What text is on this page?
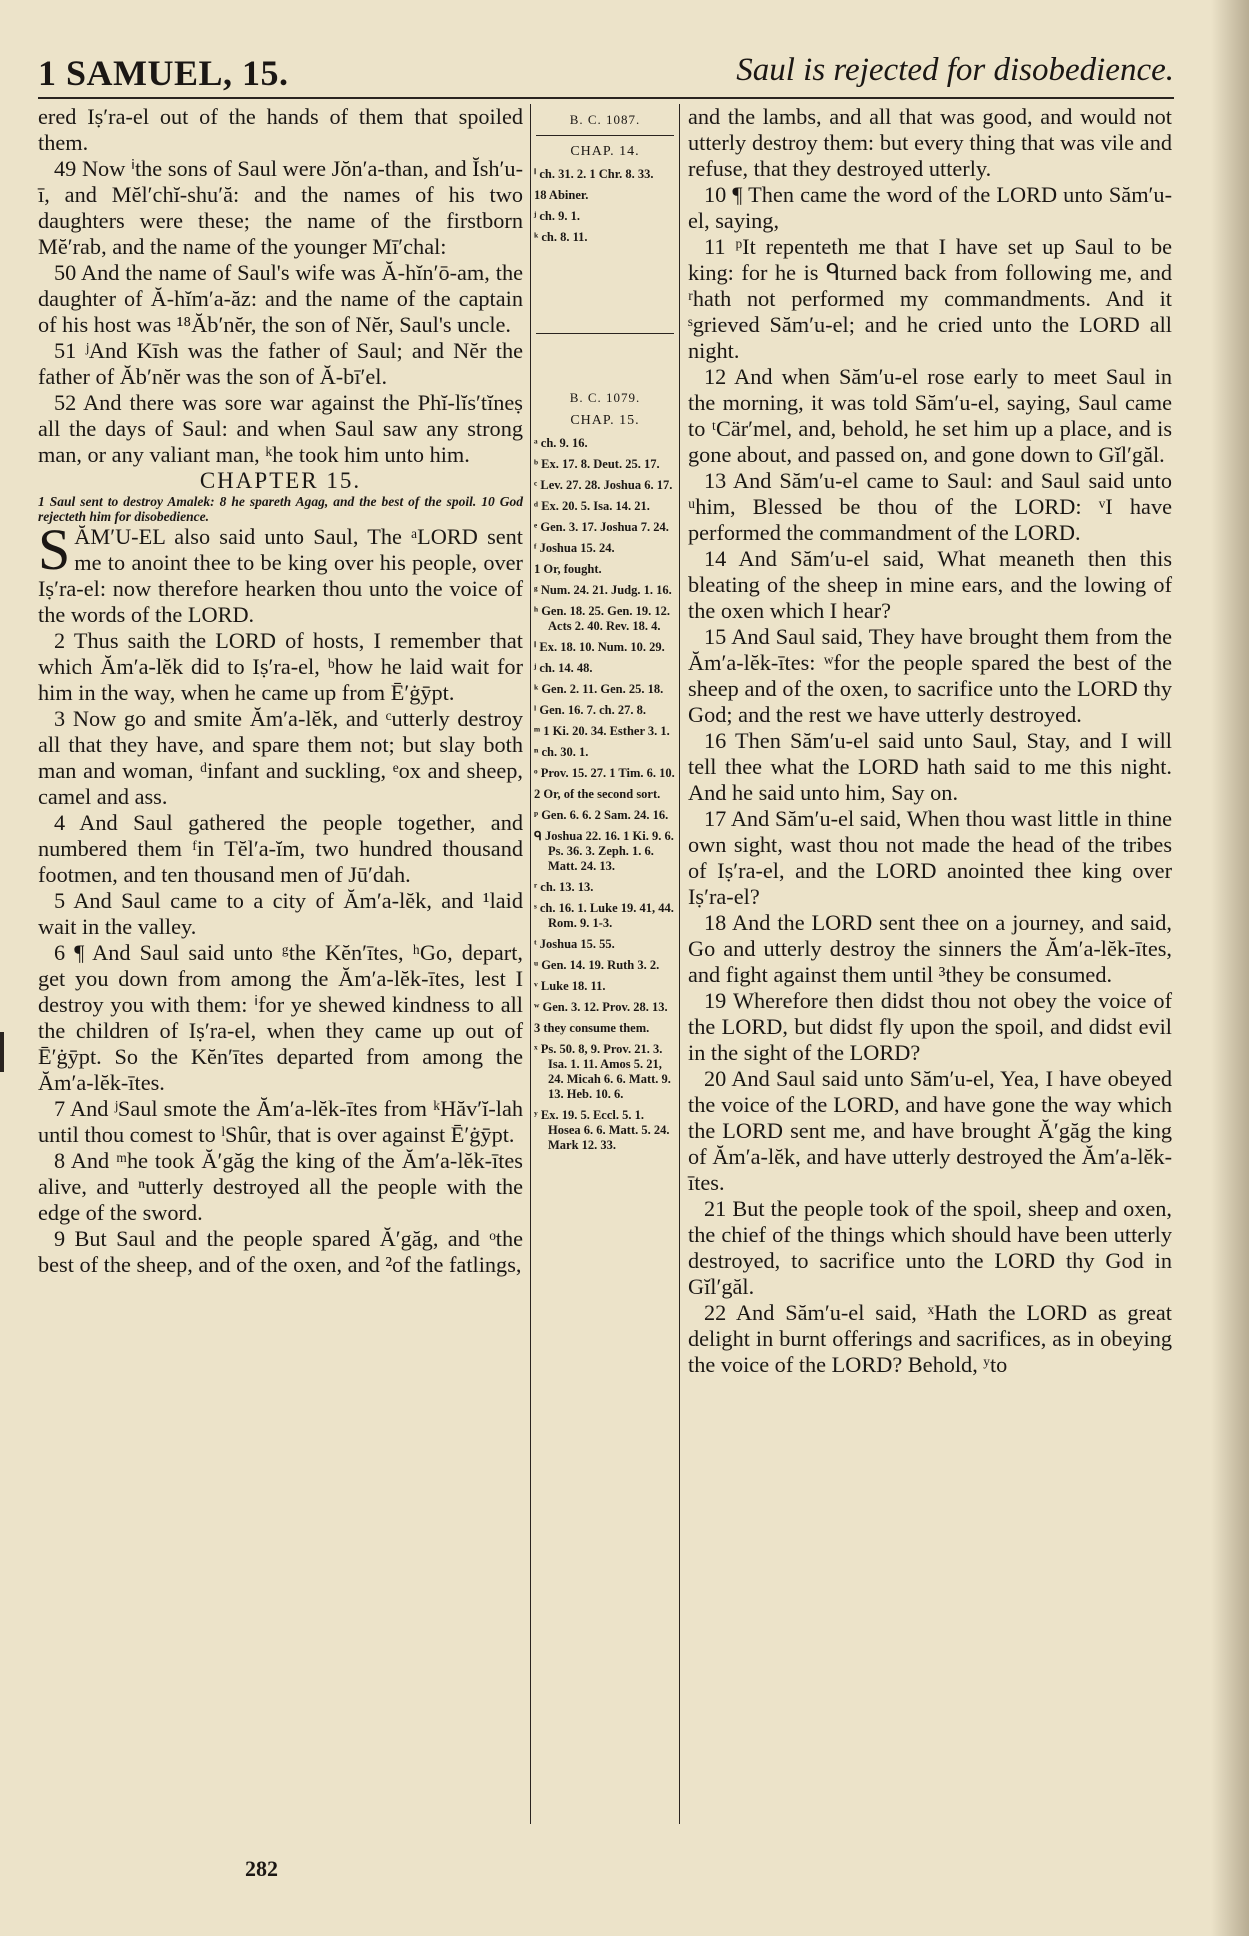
1 SAMUEL, 15.	Saul is rejected for disobedience.

ered Iṣ′ra-el out of the hands of them that spoiled them.

49 Now ⁱthe sons of Saul were Jŏn′a-than, and Ĭsh′u-ī, and Mĕl′chĭ-shu′ă: and the names of his two daughters were these; the name of the firstborn Mĕ′rab, and the name of the younger Mī′chal:

50 And the name of Saul's wife was Ă-hĭn′ō-am, the daughter of Ă-hĭm′a-ăz: and the name of the captain of his host was ¹⁸Ăb′nĕr, the son of Nĕr, Saul's uncle.

51 ʲAnd Kīsh was the father of Saul; and Nĕr the father of Ăb′nĕr was the son of Ă-bī′el.

52 And there was sore war against the Phĭ-lĭs′tĭneṣ all the days of Saul: and when Saul saw any strong man, or any valiant man, ᵏhe took him unto him.

CHAPTER 15.

1 Saul sent to destroy Amalek: 8 he spareth Agag, and the best of the spoil. 10 God rejecteth him for disobedience.

SĂM′U-EL also said unto Saul, The ᵃLORD sent me to anoint thee to be king over his people, over Iṣ′ra-el: now therefore hearken thou unto the voice of the words of the LORD.

2 Thus saith the LORD of hosts, I remember that which Ăm′a-lĕk did to Iṣ′ra-el, ᵇhow he laid wait for him in the way, when he came up from Ē′ġȳpt.

3 Now go and smite Ăm′a-lĕk, and ᶜutterly destroy all that they have, and spare them not; but slay both man and woman, ᵈinfant and suckling, ᵉox and sheep, camel and ass.

4 And Saul gathered the people together, and numbered them ᶠin Tĕl′a-ĭm, two hundred thousand footmen, and ten thousand men of Jū′dah.

5 And Saul came to a city of Ăm′a-lĕk, and ¹laid wait in the valley.

6 ¶ And Saul said unto ᵍthe Kĕn′ītes, ʰGo, depart, get you down from among the Ăm′a-lĕk-ītes, lest I destroy you with them: ⁱfor ye shewed kindness to all the children of Iṣ′ra-el, when they came up out of Ē′ġȳpt. So the Kĕn′ītes departed from among the Ăm′a-lĕk-ītes.

7 And ʲSaul smote the Ăm′a-lĕk-ītes from ᵏHăv′ĭ-lah until thou comest to ˡShûr, that is over against Ē′ġȳpt.

8 And ᵐhe took Ă′găg the king of the Ăm′a-lĕk-ītes alive, and ⁿutterly destroyed all the people with the edge of the sword.

9 But Saul and the people spared Ă′găg, and ᵒthe best of the sheep, and of the oxen, and ²of the fatlings,

B. C. 1087.
CHAP. 14.
ⁱ ch. 31. 2. 1 Chr. 8. 33.
18 Abiner.
ʲ ch. 9. 1.
ᵏ ch. 8. 11.
B. C. 1079.
CHAP. 15.
ᵃ ch. 9. 16.
ᵇ Ex. 17. 8. Deut. 25. 17.
ᶜ Lev. 27. 28. Joshua 6. 17.
ᵈ Ex. 20. 5. Isa. 14. 21.
ᵉ Gen. 3. 17. Joshua 7. 24.
ᶠ Joshua 15. 24.
1 Or, fought.
ᵍ Num. 24. 21. Judg. 1. 16.
ʰ Gen. 18. 25. Gen. 19. 12. Acts 2. 40. Rev. 18. 4.
ⁱ Ex. 18. 10. Num. 10. 29.
ʲ ch. 14. 48.
ᵏ Gen. 2. 11. Gen. 25. 18.
ˡ Gen. 16. 7. ch. 27. 8.
ᵐ 1 Ki. 20. 34. Esther 3. 1.
ⁿ ch. 30. 1.
ᵒ Prov. 15. 27. 1 Tim. 6. 10.
2 Or, of the second sort.
ᵖ Gen. 6. 6. 2 Sam. 24. 16.
ᑫ Joshua 22. 16. 1 Ki. 9. 6. Ps. 36. 3. Zeph. 1. 6. Matt. 24. 13.
ʳ ch. 13. 13.
ˢ ch. 16. 1. Luke 19. 41, 44. Rom. 9. 1-3.
ᵗ Joshua 15. 55.
ᵘ Gen. 14. 19. Ruth 3. 2.
ᵛ Luke 18. 11.
ʷ Gen. 3. 12. Prov. 28. 13.
3 they consume them.
ˣ Ps. 50. 8, 9. Prov. 21. 3. Isa. 1. 11. Amos 5. 21, 24. Micah 6. 6. Matt. 9. 13. Heb. 10. 6.
ʸ Ex. 19. 5. Eccl. 5. 1. Hosea 6. 6. Matt. 5. 24. Mark 12. 33.

and the lambs, and all that was good, and would not utterly destroy them: but every thing that was vile and refuse, that they destroyed utterly.

10 ¶ Then came the word of the LORD unto Săm′u-el, saying,

11 ᵖIt repenteth me that I have set up Saul to be king: for he is ᑫturned back from following me, and ʳhath not performed my commandments. And it ˢgrieved Săm′u-el; and he cried unto the LORD all night.

12 And when Săm′u-el rose early to meet Saul in the morning, it was told Săm′u-el, saying, Saul came to ᵗCär′mel, and, behold, he set him up a place, and is gone about, and passed on, and gone down to Gĭl′găl.

13 And Săm′u-el came to Saul: and Saul said unto ᵘhim, Blessed be thou of the LORD: ᵛI have performed the commandment of the LORD.

14 And Săm′u-el said, What meaneth then this bleating of the sheep in mine ears, and the lowing of the oxen which I hear?

15 And Saul said, They have brought them from the Ăm′a-lĕk-ītes: ʷfor the people spared the best of the sheep and of the oxen, to sacrifice unto the LORD thy God; and the rest we have utterly destroyed.

16 Then Săm′u-el said unto Saul, Stay, and I will tell thee what the LORD hath said to me this night. And he said unto him, Say on.

17 And Săm′u-el said, When thou wast little in thine own sight, wast thou not made the head of the tribes of Iṣ′ra-el, and the LORD anointed thee king over Iṣ′ra-el?

18 And the LORD sent thee on a journey, and said, Go and utterly destroy the sinners the Ăm′a-lĕk-ītes, and fight against them until ³they be consumed.

19 Wherefore then didst thou not obey the voice of the LORD, but didst fly upon the spoil, and didst evil in the sight of the LORD?

20 And Saul said unto Săm′u-el, Yea, I have obeyed the voice of the LORD, and have gone the way which the LORD sent me, and have brought Ă′găg the king of Ăm′a-lĕk, and have utterly destroyed the Ăm′a-lĕk-ītes.

21 But the people took of the spoil, sheep and oxen, the chief of the things which should have been utterly destroyed, to sacrifice unto the LORD thy God in Gĭl′găl.

22 And Săm′u-el said, ˣHath the LORD as great delight in burnt offerings and sacrifices, as in obeying the voice of the LORD? Behold, ʸto

282
